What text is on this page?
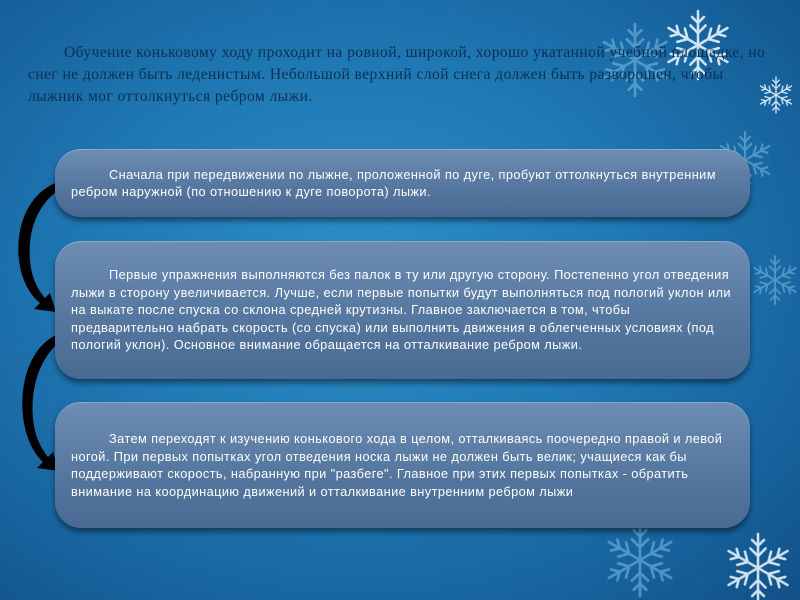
Обучение коньковому ходу проходит на ровной, широкой, хорошо укатанной учебной площадке, но снег не должен быть леденистым. Небольшой верхний слой снега должен быть разворошен, чтобы лыжник мог оттолкнуться ребром лыжи.

Сначала при передвижении по лыжне, проложенной по дуге, пробуют оттолкнуться внутренним ребром наружной (по отношению к дуге поворота) лыжи.

Первые упражнения выполняются без палок в ту или другую сторону. Постепенно угол отведения лыжи в сторону увеличивается. Лучше, если первые попытки будут выполняться под пологий уклон или на выкате после спуска со склона средней крутизны. Главное заключается в том, чтобы предварительно набрать скорость (со спуска) или выполнить движения в облегченных условиях (под пологий уклон). Основное внимание обращается на отталкивание ребром лыжи.

Затем переходят к изучению конькового хода в целом, отталкиваясь поочередно правой и левой ногой. При первых попытках угол отведения носка лыжи не должен быть велик; учащиеся как бы поддерживают скорость, набранную при "разбеге". Главное при этих первых попытках - обратить внимание на координацию движений и отталкивание внутренним ребром лыжи
